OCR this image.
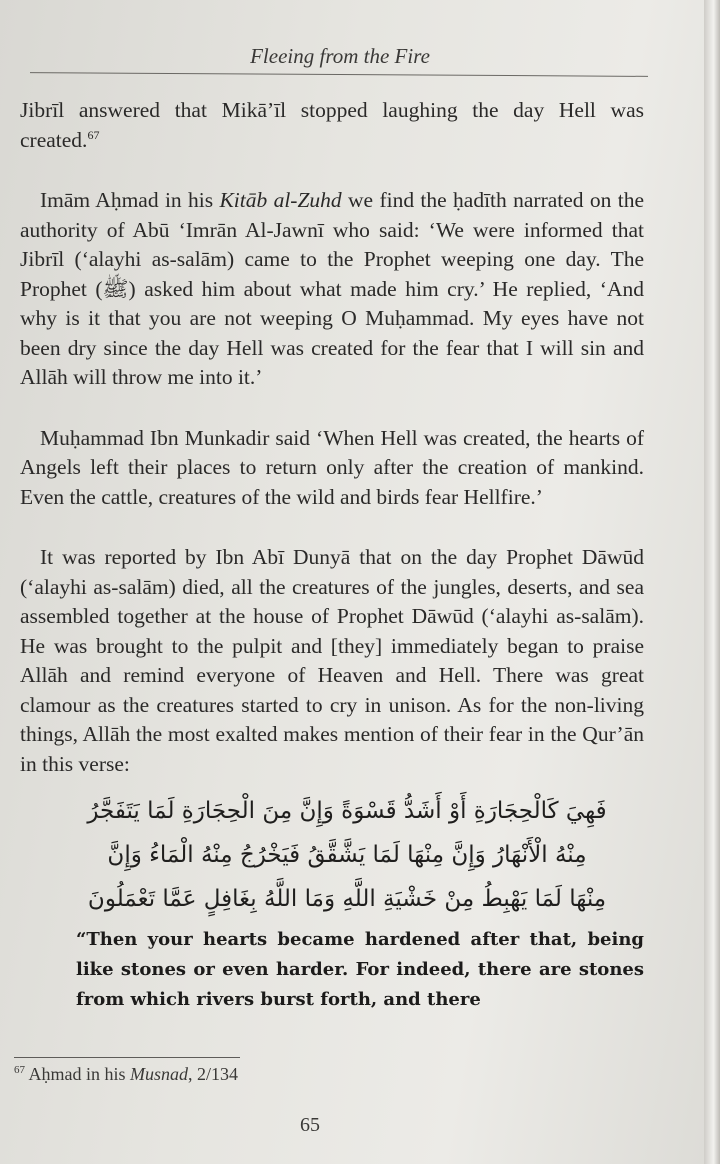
Fleeing from the Fire

Jibrīl answered that Mikā’īl stopped laughing the day Hell was created.$^{67}$

Imām Aḥmad in his Kitāb al-Zuhd we find the ḥadīth narrated on the authority of Abū ‘Imrān Al-Jawnī who said: ‘We were informed that Jibrīl (‘alayhi as-salām) came to the Prophet weeping one day. The Prophet (ﷺ) asked him about what made him cry.’ He replied, ‘And why is it that you are not weeping O Muḥammad. My eyes have not been dry since the day Hell was created for the fear that I will sin and Allāh will throw me into it.’

Muḥammad Ibn Munkadir said ‘When Hell was created, the hearts of Angels left their places to return only after the creation of mankind. Even the cattle, creatures of the wild and birds fear Hellfire.’

It was reported by Ibn Abī Dunyā that on the day Prophet Dāwūd (‘alayhi as-salām) died, all the creatures of the jungles, deserts, and sea assembled together at the house of Prophet Dāwūd (‘alayhi as-salām). He was brought to the pulpit and [they] immediately began to praise Allāh and remind everyone of Heaven and Hell. There was great clamour as the creatures started to cry in unison. As for the non-living things, Allāh the most exalted makes mention of their fear in the Qur’ān in this verse:

فَهِيَ كَالْحِجَارَةِ أَوْ أَشَدُّ قَسْوَةً وَإِنَّ مِنَ الْحِجَارَةِ لَمَا يَتَفَجَّرُ
مِنْهُ الْأَنْهَارُ وَإِنَّ مِنْهَا لَمَا يَشَّقَّقُ فَيَخْرُجُ مِنْهُ الْمَاءُ وَإِنَّ
مِنْهَا لَمَا يَهْبِطُ مِنْ خَشْيَةِ اللَّهِ وَمَا اللَّهُ بِغَافِلٍ عَمَّا تَعْمَلُونَ
“Then your hearts became hardened after that, being like stones or even harder. For indeed, there are stones from which rivers burst forth, and there
$^{67}$ Aḥmad in his Musnad, 2/134
65
